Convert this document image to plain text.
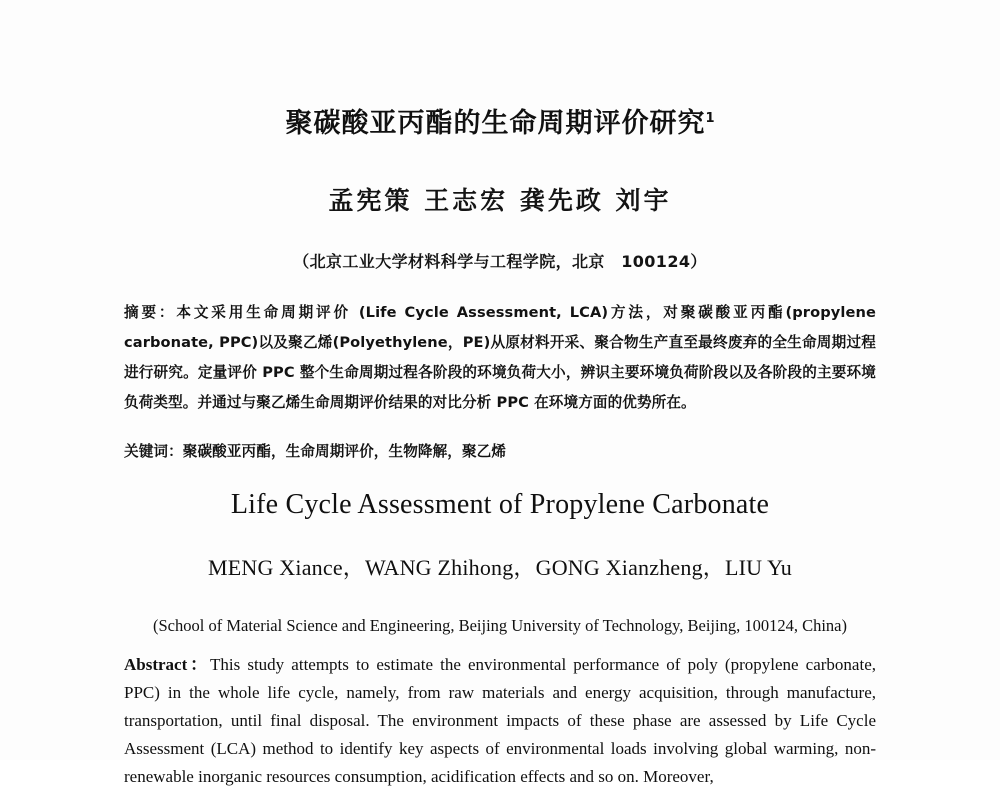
聚碳酸亚丙酯的生命周期评价研究$^1$
孟宪策 王志宏 龚先政 刘宇
（北京工业大学材料科学与工程学院，北京　100124）

摘要：本文采用生命周期评价 (Life Cycle Assessment, LCA)方法，对聚碳酸亚丙酯(propylene carbonate, PPC)以及聚乙烯(Polyethylene，PE)从原材料开采、聚合物生产直至最终废弃的全生命周期过程进行研究。定量评价 PPC 整个生命周期过程各阶段的环境负荷大小，辨识主要环境负荷阶段以及各阶段的主要环境负荷类型。并通过与聚乙烯生命周期评价结果的对比分析 PPC 在环境方面的优势所在。

关键词：聚碳酸亚丙酯，生命周期评价，生物降解，聚乙烯

Life Cycle Assessment of Propylene Carbonate
MENG Xiance，WANG Zhihong，GONG Xianzheng，LIU Yu
(School of Material Science and Engineering, Beijing University of Technology, Beijing, 100124, China)

Abstract：This study attempts to estimate the environmental performance of poly (propylene carbonate, PPC) in the whole life cycle, namely, from raw materials and energy acquisition, through manufacture, transportation, until final disposal. The environment impacts of these phase are assessed by Life Cycle Assessment (LCA) method to identify key aspects of environmental loads involving global warming, non-renewable inorganic resources consumption, acidification effects and so on. Moreover,
